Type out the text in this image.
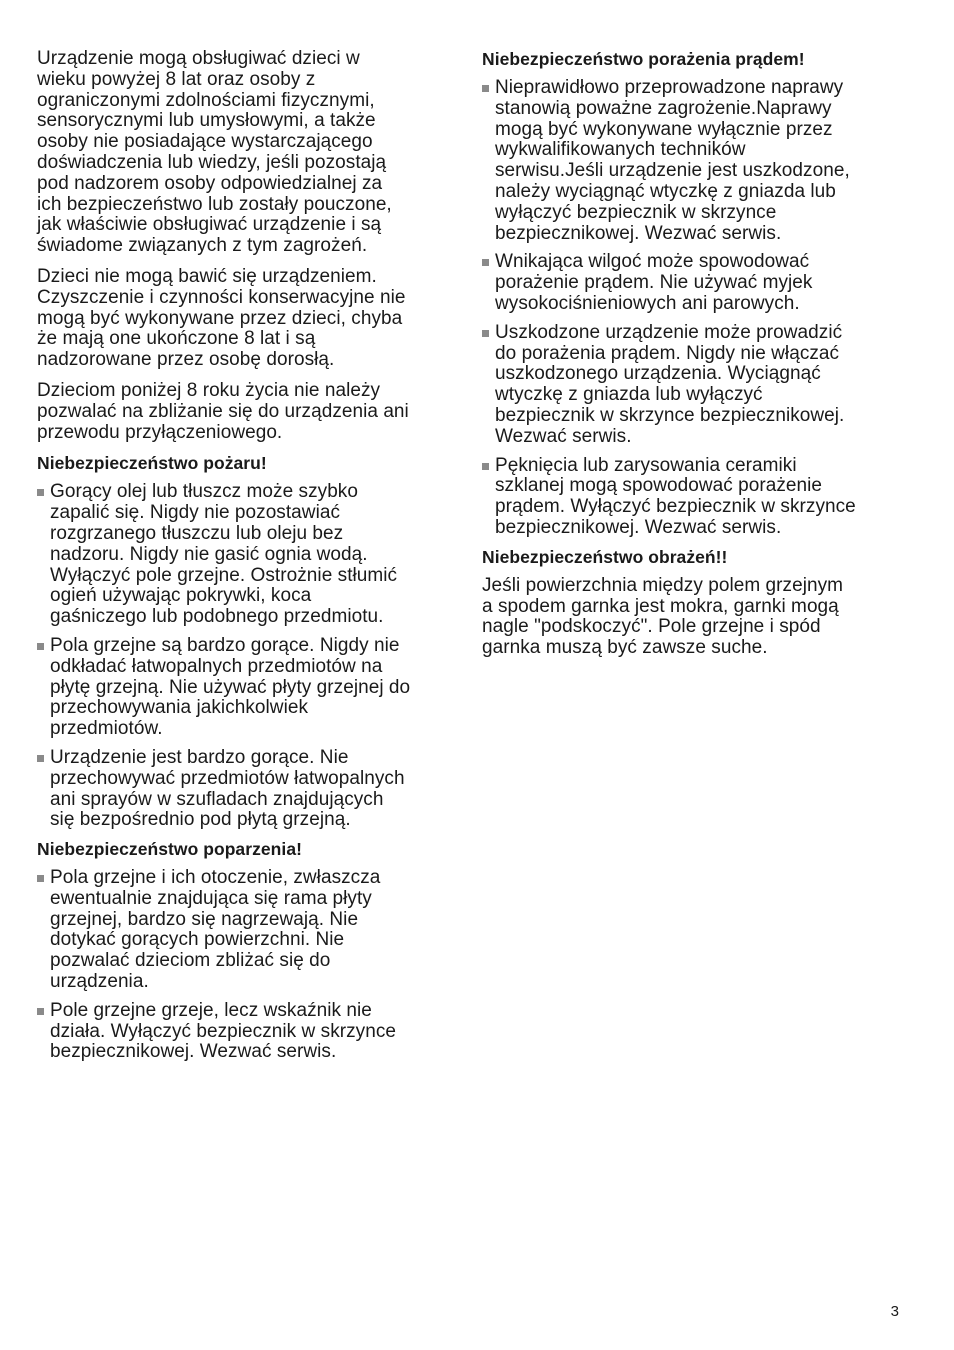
Urządzenie mogą obsługiwać dzieci w
wieku powyżej 8 lat oraz osoby z
ograniczonymi zdolnościami fizycznymi,
sensorycznymi lub umysłowymi, a także
osoby nie posiadające wystarczającego
doświadczenia lub wiedzy, jeśli pozostają
pod nadzorem osoby odpowiedzialnej za
ich bezpieczeństwo lub zostały pouczone,
jak właściwie obsługiwać urządzenie i są
świadome związanych z tym zagrożeń.

Dzieci nie mogą bawić się urządzeniem.
Czyszczenie i czynności konserwacyjne nie
mogą być wykonywane przez dzieci, chyba
że mają one ukończone 8 lat i są
nadzorowane przez osobę dorosłą.

Dzieciom poniżej 8 roku życia nie należy
pozwalać na zbliżanie się do urządzenia ani
przewodu przyłączeniowego.

Niebezpieczeństwo pożaru!
Gorący olej lub tłuszcz może szybko
zapalić się. Nigdy nie pozostawiać
rozgrzanego tłuszczu lub oleju bez
nadzoru. Nigdy nie gasić ognia wodą.
Wyłączyć pole grzejne. Ostrożnie stłumić
ogień używając pokrywki, koca
gaśniczego lub podobnego przedmiotu.
Pola grzejne są bardzo gorące. Nigdy nie
odkładać łatwopalnych przedmiotów na
płytę grzejną. Nie używać płyty grzejnej do
przechowywania jakichkolwiek
przedmiotów.
Urządzenie jest bardzo gorące. Nie
przechowywać przedmiotów łatwopalnych
ani sprayów w szufladach znajdujących
się bezpośrednio pod płytą grzejną.
Niebezpieczeństwo poparzenia!
Pola grzejne i ich otoczenie, zwłaszcza
ewentualnie znajdująca się rama płyty
grzejnej, bardzo się nagrzewają. Nie
dotykać gorących powierzchni. Nie
pozwalać dzieciom zbliżać się do
urządzenia.
Pole grzejne grzeje, lecz wskaźnik nie
działa. Wyłączyć bezpiecznik w skrzynce
bezpiecznikowej. Wezwać serwis.
Niebezpieczeństwo porażenia prądem!
Nieprawidłowo przeprowadzone naprawy
stanowią poważne zagrożenie.Naprawy
mogą być wykonywane wyłącznie przez
wykwalifikowanych techników
serwisu.Jeśli urządzenie jest uszkodzone,
należy wyciągnąć wtyczkę z gniazda lub
wyłączyć bezpiecznik w skrzynce
bezpiecznikowej. Wezwać serwis.
Wnikająca wilgoć może spowodować
porażenie prądem. Nie używać myjek
wysokociśnieniowych ani parowych.
Uszkodzone urządzenie może prowadzić
do porażenia prądem. Nigdy nie włączać
uszkodzonego urządzenia. Wyciągnąć
wtyczkę z gniazda lub wyłączyć
bezpiecznik w skrzynce bezpiecznikowej.
Wezwać serwis.
Pęknięcia lub zarysowania ceramiki
szklanej mogą spowodować porażenie
prądem. Wyłączyć bezpiecznik w skrzynce
bezpiecznikowej. Wezwać serwis.
Niebezpieczeństwo obrażeń!!

Jeśli powierzchnia między polem grzejnym
a spodem garnka jest mokra, garnki mogą
nagle "podskoczyć". Pole grzejne i spód
garnka muszą być zawsze suche.

3
